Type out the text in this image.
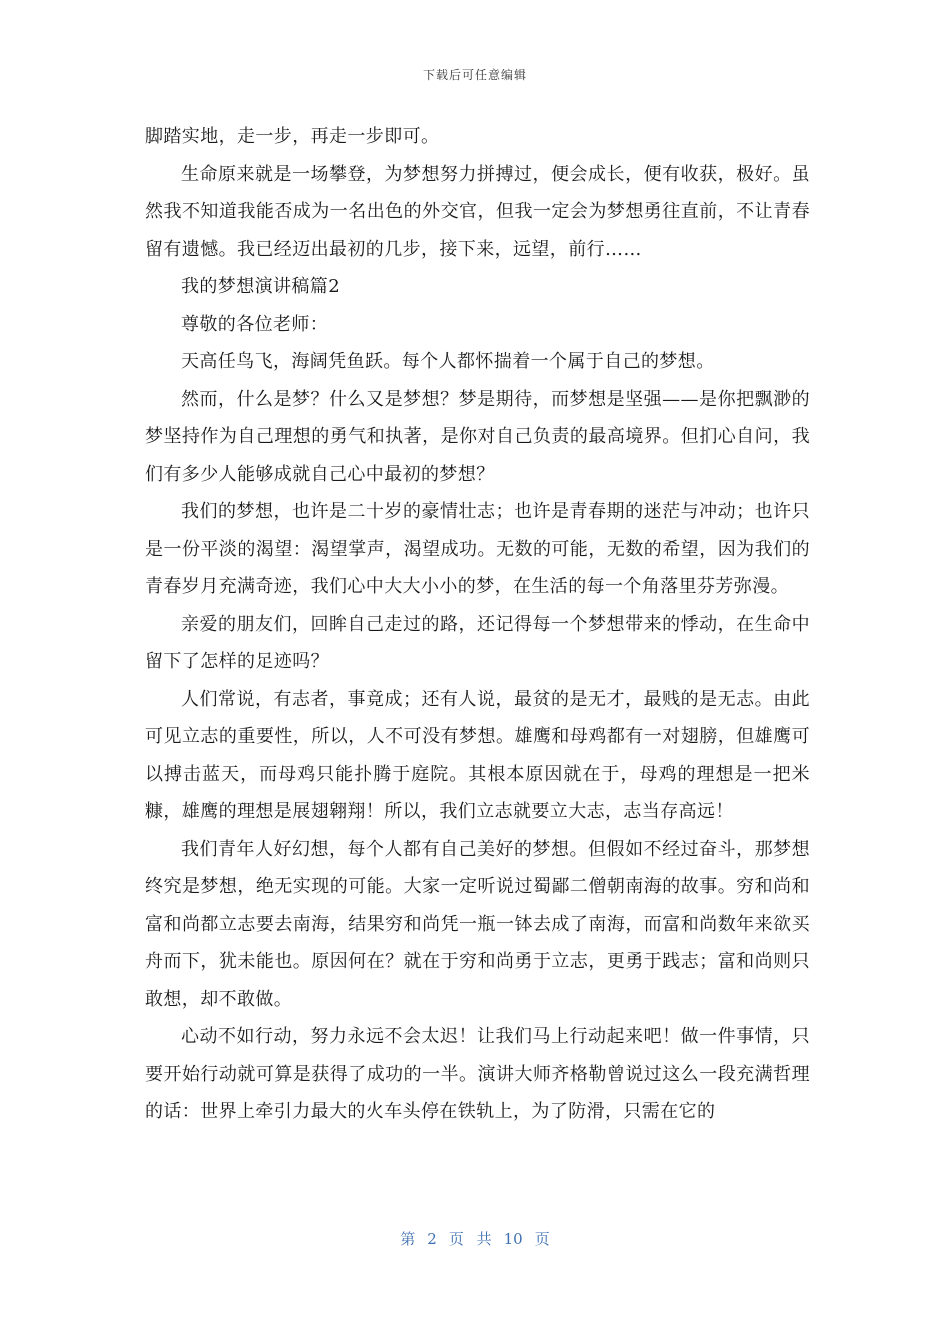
下载后可任意编辑

脚踏实地，走一步，再走一步即可。

生命原来就是一场攀登，为梦想努力拼搏过，便会成长，便有收获，极好。虽然我不知道我能否成为一名出色的外交官，但我一定会为梦想勇往直前，不让青春留有遗憾。我已经迈出最初的几步，接下来，远望，前行……

我的梦想演讲稿篇2

尊敬的各位老师：

天高任鸟飞，海阔凭鱼跃。每个人都怀揣着一个属于自己的梦想。

然而，什么是梦？什么又是梦想？梦是期待，而梦想是坚强——是你把飘渺的梦坚持作为自己理想的勇气和执著，是你对自己负责的最高境界。但扪心自问，我们有多少人能够成就自己心中最初的梦想？

我们的梦想，也许是二十岁的豪情壮志；也许是青春期的迷茫与冲动；也许只是一份平淡的渴望：渴望掌声，渴望成功。无数的可能，无数的希望，因为我们的青春岁月充满奇迹，我们心中大大小小的梦，在生活的每一个角落里芬芳弥漫。

亲爱的朋友们，回眸自己走过的路，还记得每一个梦想带来的悸动，在生命中留下了怎样的足迹吗？

人们常说，有志者，事竟成；还有人说，最贫的是无才，最贱的是无志。由此可见立志的重要性，所以，人不可没有梦想。雄鹰和母鸡都有一对翅膀，但雄鹰可以搏击蓝天，而母鸡只能扑腾于庭院。其根本原因就在于，母鸡的理想是一把米糠，雄鹰的理想是展翅翱翔！所以，我们立志就要立大志，志当存高远！

我们青年人好幻想，每个人都有自己美好的梦想。但假如不经过奋斗，那梦想终究是梦想，绝无实现的可能。大家一定听说过蜀鄙二僧朝南海的故事。穷和尚和富和尚都立志要去南海，结果穷和尚凭一瓶一钵去成了南海，而富和尚数年来欲买舟而下，犹未能也。原因何在？就在于穷和尚勇于立志，更勇于践志；富和尚则只敢想，却不敢做。

心动不如行动，努力永远不会太迟！让我们马上行动起来吧！做一件事情，只要开始行动就可算是获得了成功的一半。演讲大师齐格勒曾说过这么一段充满哲理的话：世界上牵引力最大的火车头停在铁轨上，为了防滑，只需在它的

第 2 页 共 10 页
